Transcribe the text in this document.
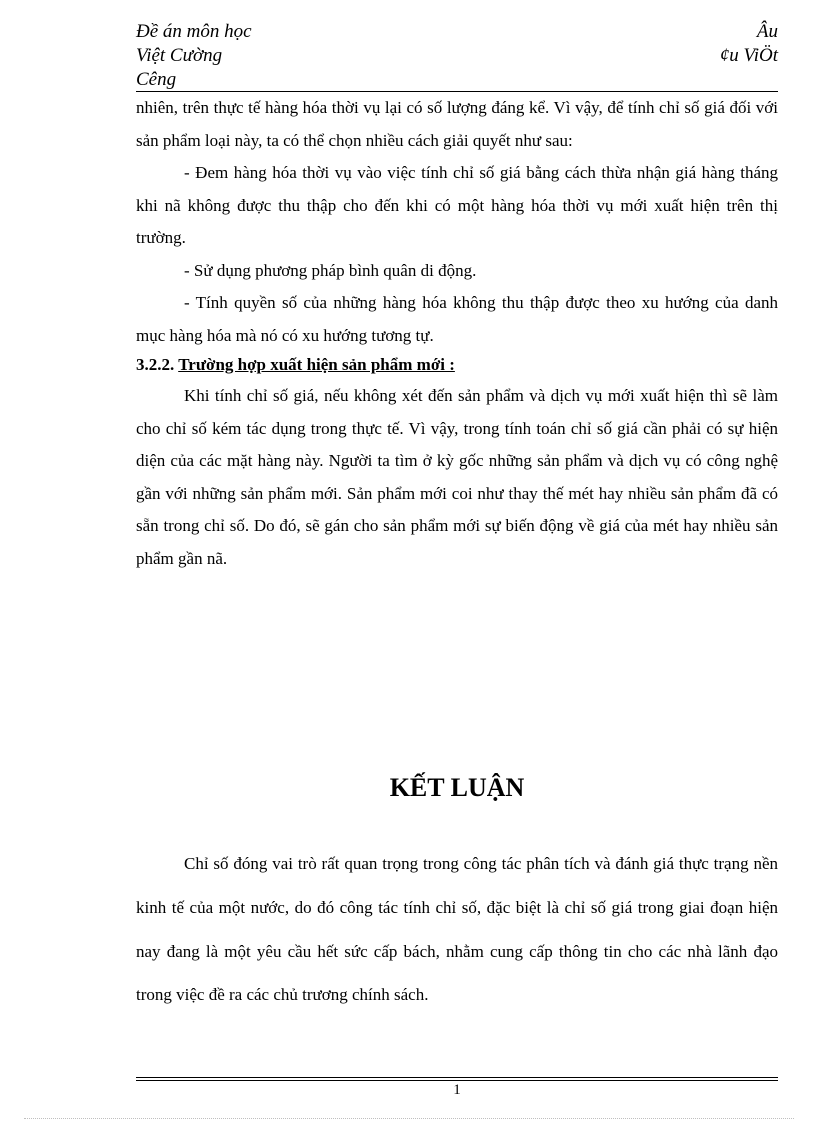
Đề án môn học
Việt Cường
Cêng
Âu
¢u ViÖt

nhiên, trên thực tế hàng hóa thời vụ lại có số lượng đáng kể. Vì vậy, để tính chỉ số giá đối với sản phẩm loại này, ta có thể chọn nhiều cách giải quyết như sau:

- Đem hàng hóa thời vụ vào việc tính chỉ số giá bằng cách thừa nhận giá hàng tháng khi nã không được thu thập cho đến khi có một hàng hóa thời vụ mới xuất hiện trên thị trường.

- Sử dụng phương pháp bình quân di động.

- Tính quyền số của những hàng hóa không thu thập được theo xu hướng của danh mục hàng hóa mà nó có xu hướng tương tự.

3.2.2. Trường hợp xuất hiện sản phẩm mới :

Khi tính chỉ số giá, nếu không xét đến sản phẩm và dịch vụ mới xuất hiện thì sẽ làm cho chỉ số kém tác dụng trong thực tế. Vì vậy, trong tính toán chỉ số giá cần phải có sự hiện diện của các mặt hàng này. Người ta tìm ở kỳ gốc những sản phẩm và dịch vụ có công nghệ gần với những sản phẩm mới. Sản phẩm mới coi như thay thế mét hay nhiều sản phẩm đã có sẵn trong chỉ số. Do đó, sẽ gán cho sản phẩm mới sự biến động về giá của mét hay nhiều sản phẩm gần nã.

KẾT LUẬN

Chỉ số đóng vai trò rất quan trọng trong công tác phân tích và đánh giá thực trạng nền kinh tế của một nước, do đó công tác tính chỉ số, đặc biệt là chỉ số giá trong giai đoạn hiện nay đang là một yêu cầu hết sức cấp bách, nhằm cung cấp thông tin cho các nhà lãnh đạo trong việc đề ra các chủ trương chính sách.

1
